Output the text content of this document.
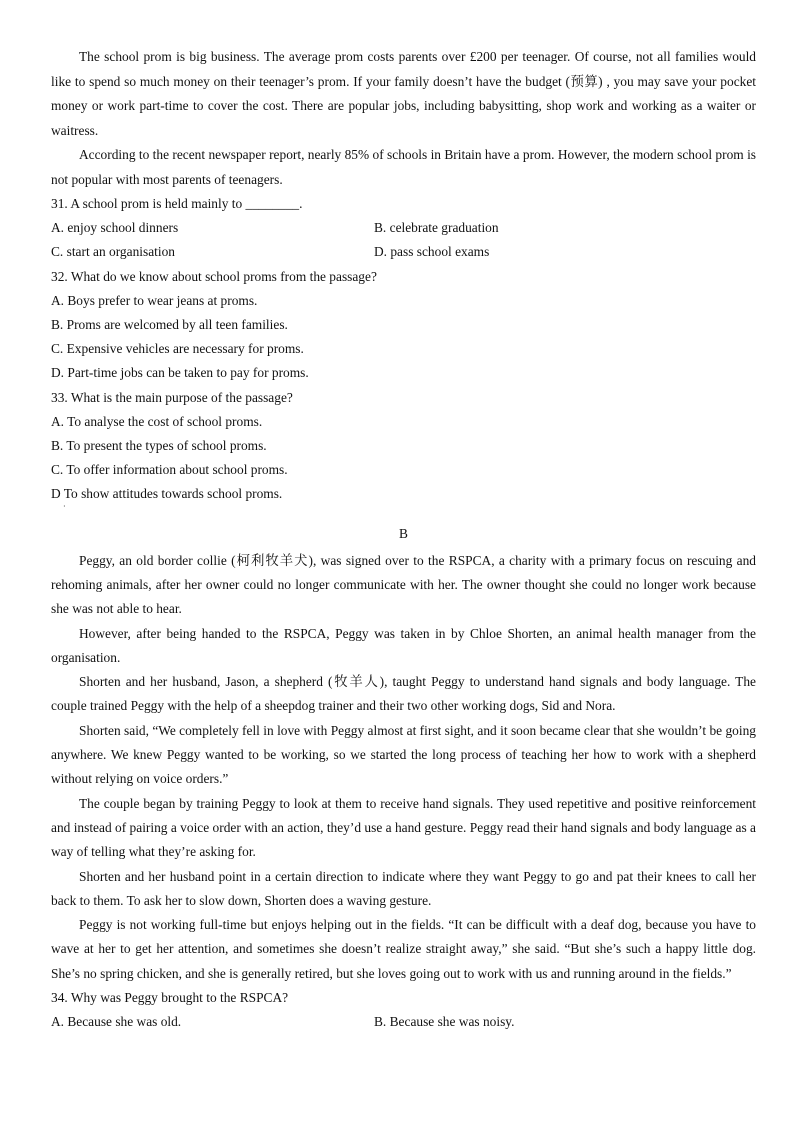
The school prom is big business. The average prom costs parents over £200 per teenager. Of course, not all families would like to spend so much money on their teenager’s prom. If your family doesn’t have the budget (预算) , you may save your pocket money or work part-time to cover the cost. There are popular jobs, including babysitting, shop work and working as a waiter or waitress.

According to the recent newspaper report, nearly 85% of schools in Britain have a prom. However, the modern school prom is not popular with most parents of teenagers.

31. A school prom is held mainly to ________.

A. enjoy school dinners	B. celebrate graduation
C. start an organisation	D. pass school exams

32. What do we know about school proms from the passage?

A. Boys prefer to wear jeans at proms.

B. Proms are welcomed by all teen families.

C. Expensive vehicles are necessary for proms.

D. Part-time jobs can be taken to pay for proms.

33. What is the main purpose of the passage?

A. To analyse the cost of school proms.

B. To present the types of school proms.

C. To offer information about school proms.

D To show attitudes towards school proms.

·
B

Peggy, an old border collie (柯利牧羊犬), was signed over to the RSPCA, a charity with a primary focus on rescuing and rehoming animals, after her owner could no longer communicate with her. The owner thought she could no longer work because she was not able to hear.

However, after being handed to the RSPCA, Peggy was taken in by Chloe Shorten, an animal health manager from the organisation.

Shorten and her husband, Jason, a shepherd (牧羊人), taught Peggy to understand hand signals and body language. The couple trained Peggy with the help of a sheepdog trainer and their two other working dogs, Sid and Nora.

Shorten said, “We completely fell in love with Peggy almost at first sight, and it soon became clear that she wouldn’t be going anywhere. We knew Peggy wanted to be working, so we started the long process of teaching her how to work with a shepherd without relying on voice orders.”

The couple began by training Peggy to look at them to receive hand signals. They used repetitive and positive reinforcement and instead of pairing a voice order with an action, they’d use a hand gesture. Peggy read their hand signals and body language as a way of telling what they’re asking for.

Shorten and her husband point in a certain direction to indicate where they want Peggy to go and pat their knees to call her back to them. To ask her to slow down, Shorten does a waving gesture.

Peggy is not working full-time but enjoys helping out in the fields. “It can be difficult with a deaf dog, because you have to wave at her to get her attention, and sometimes she doesn’t realize straight away,” she said. “But she’s such a happy little dog. She’s no spring chicken, and she is generally retired, but she loves going out to work with us and running around in the fields.”

34. Why was Peggy brought to the RSPCA?

A. Because she was old.	B. Because she was noisy.
